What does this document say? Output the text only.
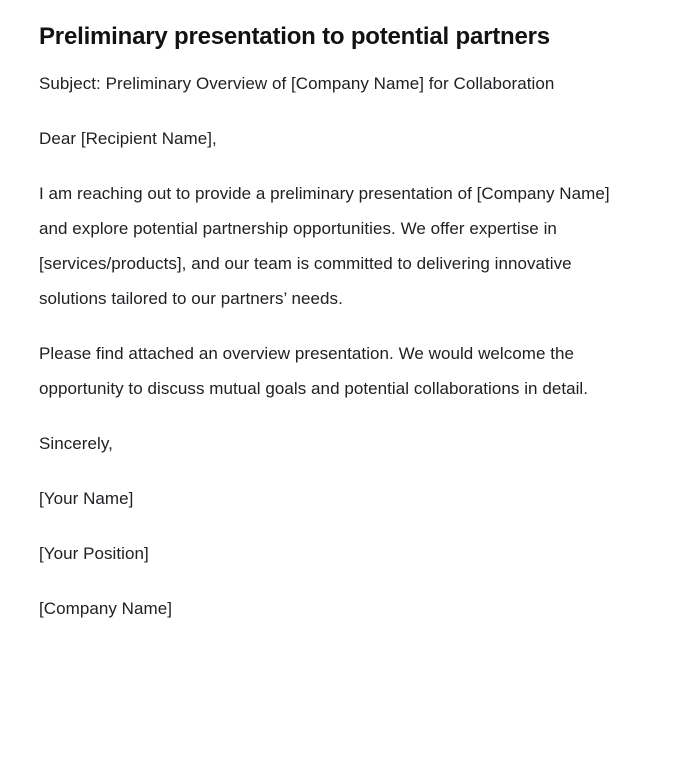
Preliminary presentation to potential partners

Subject: Preliminary Overview of [Company Name] for Collaboration

Dear [Recipient Name],

I am reaching out to provide a preliminary presentation of [Company Name] and explore potential partnership opportunities. We offer expertise in [services/products], and our team is committed to delivering innovative solutions tailored to our partners’ needs.

Please find attached an overview presentation. We would welcome the opportunity to discuss mutual goals and potential collaborations in detail.

Sincerely,

[Your Name]

[Your Position]

[Company Name]
